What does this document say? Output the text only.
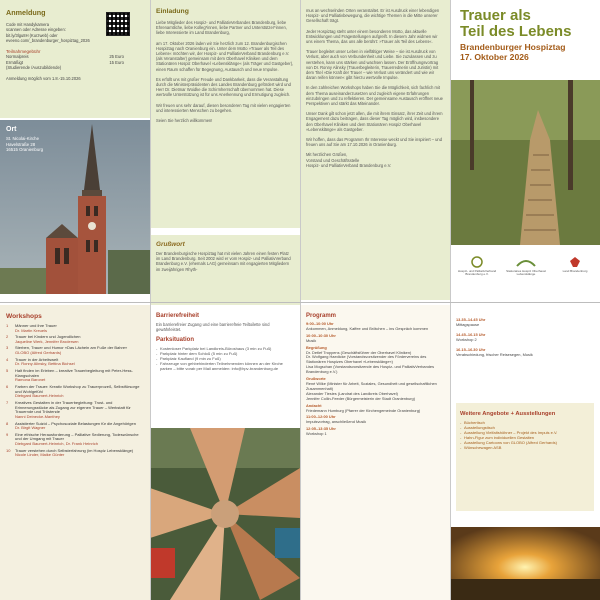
Anmeldung
Code mit Handykamera
scannen oder Adresse eingeben:
bit.ly/3lgu8H (Kurzweb) oder
eveeno.com/_brandenburger_hospiztag_2026
Teilnahmegebühr
Normalpreis	25 Euro
Ermäßigt	15 Euro
(Studierende /Auszubildende)
Anmeldung möglich vom 1.8.-15.10.2026
Ort
St. Nicolai-Kirche
Havelstraße 28
16515 Oranienburg
Einladung

Liebe Mitglieder des Hospiz- und PalliativVerbandes Brandenburg, liebe Ehrenamtliche, liebe Kolleg*innen, liebe Partner und Unterstützer*innen, liebe Interessierte im Land Brandenburg,

am 17. Oktober 2026 laden wir Sie herzlich zum 12. Brandenburgischen Hospiztag nach Oranienburg ein. Unter dem Motto »Trauer als Teil des Lebens« möchten wir, der Hospiz- und PalliativVerband Brandenburg e.V. (als Veranstalter) gemeinsam mit dem Oberhavel Kliniken und dem Stationären Hospiz Oberhavel »Lebensklänge« (als Träger und Gastgeber), einen Raum schaffen für Begegnung, Austausch und neue Impulse.

Es erfüllt uns mit großer Freude und Dankbarkeit, dass die Veranstaltung durch die Ministerpräsidenten des Landes Brandenburg gefördert wird und Herr Dr. Dietmar Woidke die Schirmherrschaft übernommen hat. Diese wertvolle Unterstützung ist für uns Anerkennung und Ermutigung zugleich.

Wir freuen uns sehr darauf, diesen besonderen Tag mit vielen engagierten und interessierten Menschen zu begehen.

Seien Sie herzlich willkommen!

Grußwort

Der Brandenburgische Hospiztag hat mit vielen Jahren einen festen Platz im Land Brandenburg. Seit 2002 wird er vom Hospiz- und PalliativVerband Brandenburg e.V. (ehemals LAG) gemeinsam mit engagierten Mitgliedern im zweijährigen Rhyth-

mus an wechselnden Orten veranstaltet. Er ist Ausdruck einer lebendigen Hospiz- und Palliativbewegung, die wichtige Themen in die Mitte unserer Gesellschaft trägt.

Jeder Hospiztag steht unter einem besonderen Motto, das aktuelle Entwicklungen und Fragestellungen aufgreift. In diesem Jahr widmen wir uns einem Thema, das uns alle berührt: »Trauer als Teil des Lebens«.

Trauer begleitet unser Leben in vielfältiger Weise – sie ist Ausdruck von Verlust, aber auch von Verbundenheit und Liebe. Sie zuzulassen und zu verstehen, kann uns stärken und wachsen lassen. Der Eröffnungsvortrag von Dr. Ronny Alinsky (Trauerbegleiterin, Trauerrednerin und Juristin) mit dem Titel »Die Kraft der Trauer – wie Verlust uns verändert und wie wir daran reifen können« gibt hierzu wertvolle Impulse.

In den zahlreichen Workshops haben Sie die Möglichkeit, sich fachlich mit dem Thema auseinanderzusetzen und zugleich eigene Erfahrungen einzubringen und zu reflektieren. Der gemeinsame Austausch eröffnet neue Perspektiven und stärkt das Miteinander.

Unser Dank gilt schon jetzt allen, die mit ihrem Einsatz, ihrer Zeit und ihrem Engagement dazu beitragen, dass dieser Tag möglich wird, insbesondere den Oberhavel Kliniken und dem Stationären Hospiz Oberhavel »Lebensklänge« als Gastgeber.

Wir hoffen, dass das Programm Ihr Interesse weckt und Sie inspiriert – und freuen uns auf Sie am 17.10.2026 in Oranienburg.

Mit herzlichen Grüßen,
Vorstand und Geschäftsstelle
Hospiz- und PalliativVerband Brandenburg e.V.

Trauer als
Teil des Lebens
Brandenburger Hospiztag
17. Oktober 2026
Hospiz- und PalliativVerband Brandenburg e.V.
Stationäres Hospiz Oberhavel Lebensklänge
Land Brandenburg
Workshops
1	Männer und ihre Trauer
Dr. Martin Kreuels
2	Trauer bei Kindern und Jugendlichen
Jaqueline Werk, Jennifer Brodersen
3	Sterben, Trauer und Humor »Das Lächeln am Fuße der Bahre«
GLOBO (Alfred Gerhards)
4	Trauer in der Arbeitswelt
Dr. Ronny Alinsky, Bettina Bichsel
5	Halt finden im Erleben – kreative Trauerbegleitung mit Peter-Hess-Klangschalen
Ramona Baronet
6	Farben der Trauer: Kreativ Workshop zu Trauerprozeß, Selbstfürsorge und Wohlgefühl
Diebgard Baumert-Heinrich
7	Kreatives Gestalten in der Trauerbegleitung: Trost- und Erinnerungsstücke als Zugang zur eigenen Trauer – Werkstatt für Trauernde und Tröstende
Nanni Deinecke-Manthey
8	Assistierter Suizid – Psychosoziale Belastungen für die Angehörigen
Dr. Birgit Wagner
9	Eine ethische Herausforderung – Palliative Sedierung, Todeswünsche und der Umgang mit Trauer
Diebgard Baumert-Heinrich, Dr. Frank Heinrich
10	Trauer verstehen durch Selbsterfahrung (im Hospiz Lebensklänge)
Nicole Linder, Maike Günter
Barrierefreiheit

Ein barrierefreier Zugang und eine barrierefreie Teiltoilette sind gewährleistet.

Parksituation
- Kostenloser Parkplatz bei Landkreis-Büroshaus (3 min zu Fuß)
- Parkplatz hinter dem Schloß (5 min zu Fuß)
- Parkplatz Kaufland (9 min zu Fuß)
- Fahrzeuge von gehbehinderten Teilnehmenden können an der Kirche parken – bitte vorab per Mail anmelden: info@hpv-brandenburg.de
Programm
9:00–10:00 Uhr
Ankommen, Anmeldung, Kaffee und Brötchen – ins Gespräch kommen
10:00–10:30 Uhr
Musik
Begrüßung
Dr. Detlef Troppens (Geschäftsführer der Oberhavel Kliniken)
Dr. Wolfgang Haedicke (Vorstandsvorsitzender des Fördervereins des Stationären Hospizes Oberhavel »Lebensklänge«)
Lisa Mogschan (Vorstandsvorsitzende des Hospiz- und PalliativVerbandes Brandenburg e.V.)
Grußworte
René Wilke (Minister für Arbeit, Soziales, Gesundheit und gesellschaftlichen Zusammenhalt)
Alexander Tiesies (Landrat des Landkreis Oberhavel)
Jennifer Collin-Feeder (Bürgermeisterin der Stadt Oranienburg)
Andacht
Friedemann Humburg (Pfarrer der Kirchengemeinde Oranienburg)
11:00–12:00 Uhr
Impulsvortrag, anschließend Musik
12:05–13:35 Uhr
Workshop 1
13.35–14.45 Uhr
Mittagspause
14.45–16.15 Uhr
Workshop 2
16.15–16.30 Uhr
Verabschiedung, frischer Reisesegen, Musik
Weitere Angebote + Ausstellungen
- Büchertisch
- Ausstellungstisch
- Ausstellung Vielfaltshöhner – Projekt des Impuls e.V.
- Hahn-Figur zum individuellen Gestalten
- Ausstellung Cartoons von GLOBO (Alfred Gerhards)
- Wünschewagen ASB
